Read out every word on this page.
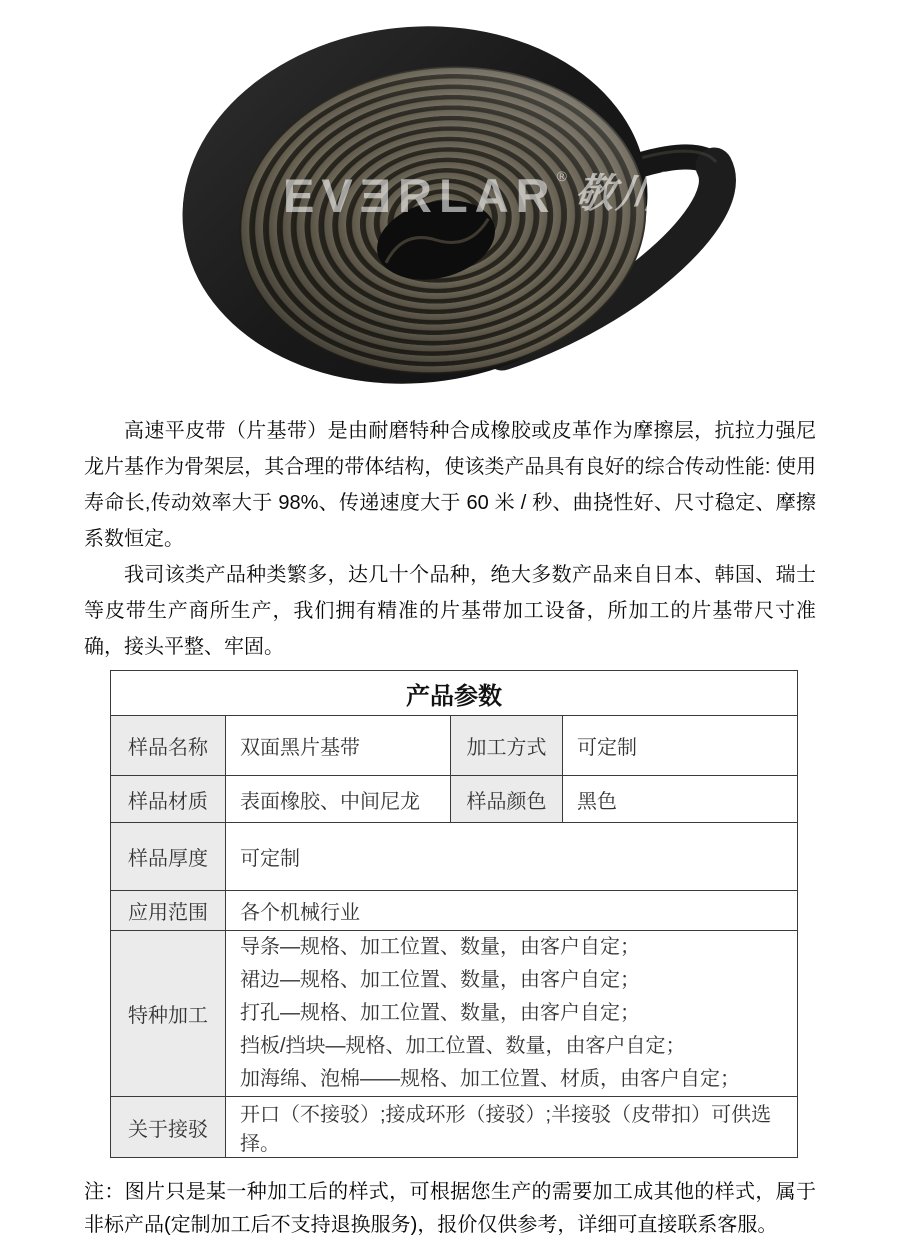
EVƎRLAR ® 敬川
®

高速平皮带（片基带）是由耐磨特种合成橡胶或皮革作为摩擦层，抗拉力强尼龙片基作为骨架层，其合理的带体结构，使该类产品具有良好的综合传动性能: 使用寿命长,传动效率大于 98%、传递速度大于 60 米 / 秒、曲挠性好、尺寸稳定、摩擦系数恒定。

我司该类产品种类繁多，达几十个品种，绝大多数产品来自日本、韩国、瑞士等皮带生产商所生产，我们拥有精准的片基带加工设备，所加工的片基带尺寸准确，接头平整、牢固。

产品参数			
样品名称	双面黑片基带	加工方式	可定制
样品材质	表面橡胶、中间尼龙	样品颜色	黑色
样品厚度	可定制		
应用范围	各个机械行业		
特种加工	导条—规格、加工位置、数量，由客户自定；
裙边—规格、加工位置、数量，由客户自定；
打孔—规格、加工位置、数量，由客户自定；
挡板/挡块—规格、加工位置、数量，由客户自定；
加海绵、泡棉——规格、加工位置、材质，由客户自定；		

关于接驳	开口（不接驳）;接成环形（接驳）;半接驳（皮带扣）可供选择。		
注：图片只是某一种加工后的样式，可根据您生产的需要加工成其他的样式，属于非标产品(定制加工后不支持退换服务)，报价仅供参考，详细可直接联系客服。
